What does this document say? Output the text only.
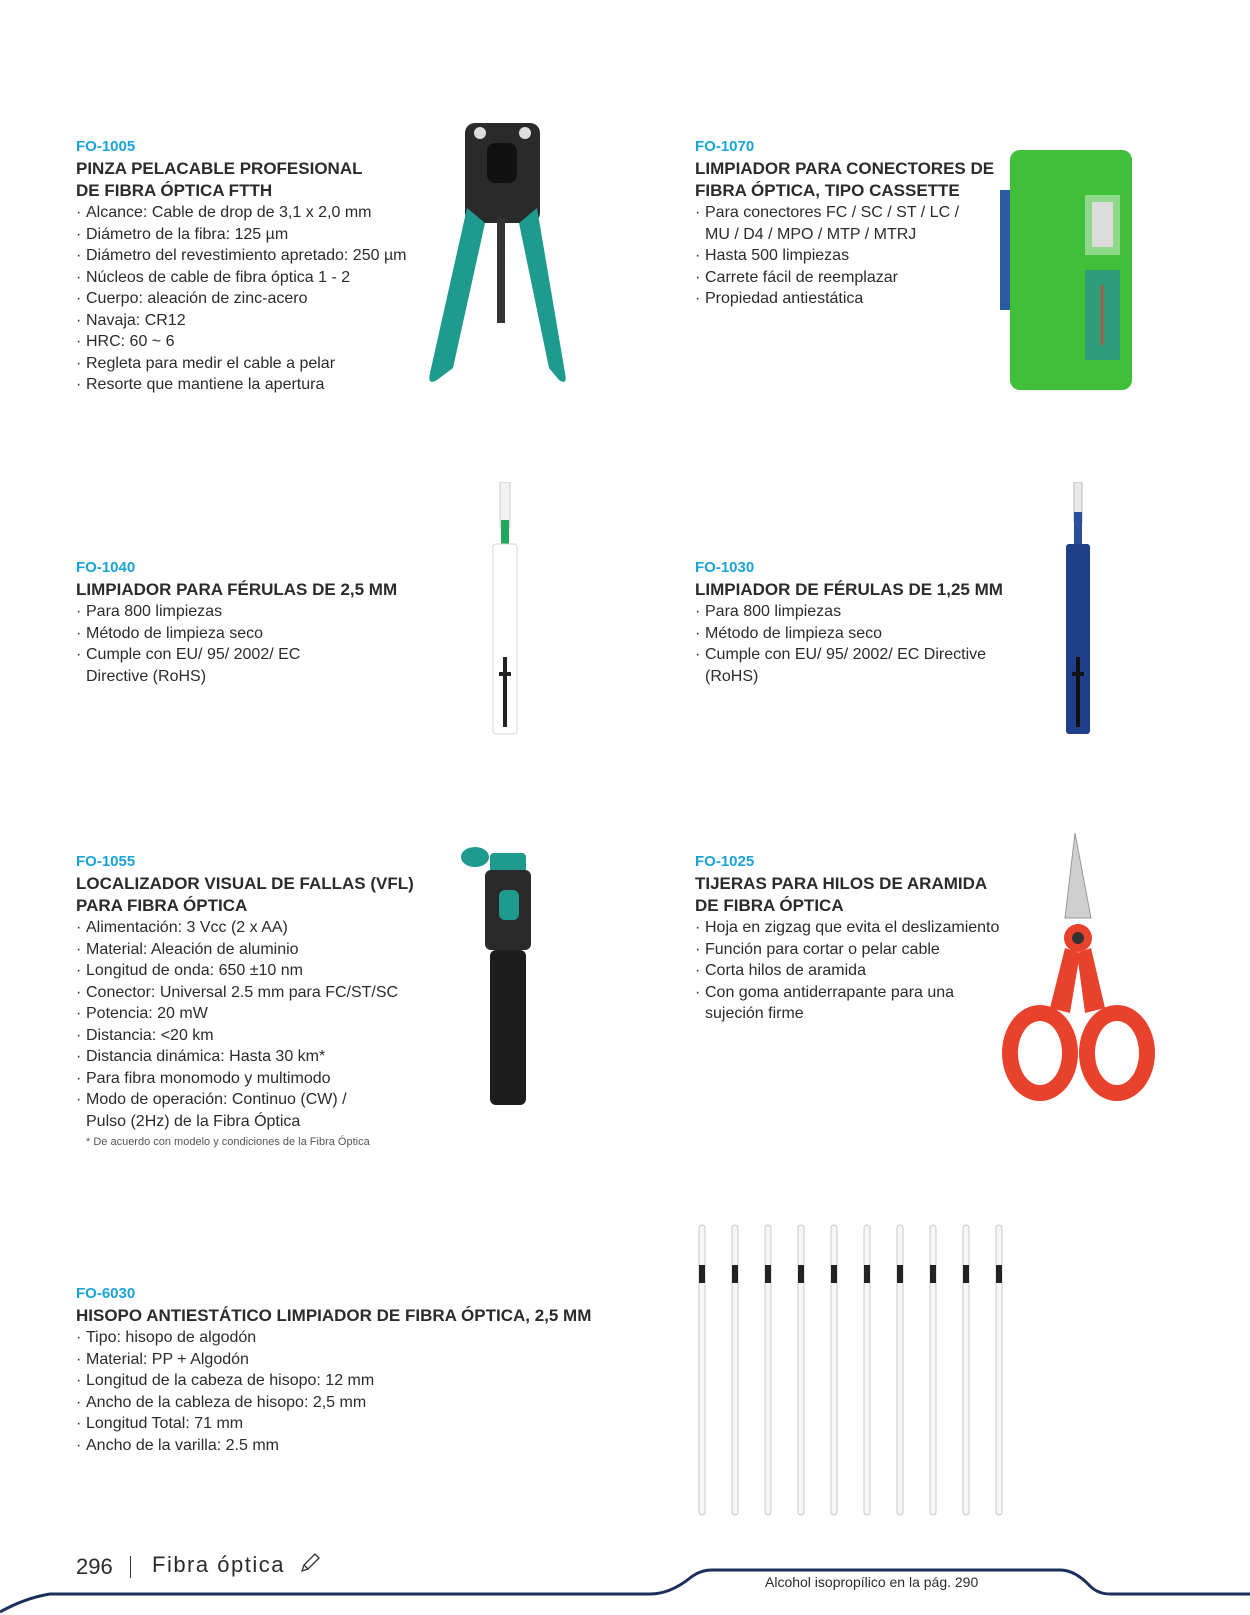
FO-1005
PINZA PELACABLE PROFESIONAL
DE FIBRA ÓPTICA FTTH
· Alcance: Cable de drop de 3,1 x 2,0 mm
· Diámetro de la fibra: 125 µm
· Diámetro del revestimiento apretado: 250 µm
· Núcleos de cable de fibra óptica 1 - 2
· Cuerpo: aleación de zinc-acero
· Navaja: CR12
· HRC: 60 ~ 6
· Regleta para medir el cable a pelar
· Resorte que mantiene la apertura
FO-1070
LIMPIADOR PARA CONECTORES DE
FIBRA ÓPTICA, TIPO CASSETTE
· Para conectores FC / SC / ST / LC /
MU / D4 / MPO / MTP / MTRJ
· Hasta 500 limpiezas
· Carrete fácil de reemplazar
· Propiedad antiestática
FO-1040
LIMPIADOR PARA FÉRULAS DE 2,5 MM
· Para 800 limpiezas
· Método de limpieza seco
· Cumple con EU/ 95/ 2002/ EC
Directive (RoHS)
FO-1030
LIMPIADOR DE FÉRULAS DE 1,25 MM
· Para 800 limpiezas
· Método de limpieza seco
· Cumple con EU/ 95/ 2002/ EC Directive
(RoHS)
FO-1055
LOCALIZADOR VISUAL DE FALLAS (VFL)
PARA FIBRA ÓPTICA
· Alimentación: 3 Vcc (2 x AA)
· Material: Aleación de aluminio
· Longitud de onda: 650 ±10 nm
· Conector: Universal 2.5 mm para FC/ST/SC
· Potencia: 20 mW
· Distancia: <20 km
· Distancia dinámica: Hasta 30 km*
· Para fibra monomodo y multimodo
· Modo de operación: Continuo (CW) /
Pulso (2Hz) de la Fibra Óptica
* De acuerdo con modelo y condiciones de la Fibra Óptica
FO-1025
TIJERAS PARA HILOS DE ARAMIDA
DE FIBRA ÓPTICA
· Hoja en zigzag que evita el deslizamiento
· Función para cortar o pelar cable
· Corta hilos de aramida
· Con goma antiderrapante para una
sujeción firme
FO-6030
HISOPO ANTIESTÁTICO LIMPIADOR DE FIBRA ÓPTICA, 2,5 MM
· Tipo: hisopo de algodón
· Material: PP + Algodón
· Longitud de la cabeza de hisopo: 12 mm
· Ancho de la cableza de hisopo: 2,5 mm
· Longitud Total: 71 mm
· Ancho de la varilla: 2.5 mm
296 Fibra óptica
Alcohol isopropílico en la pág. 290
